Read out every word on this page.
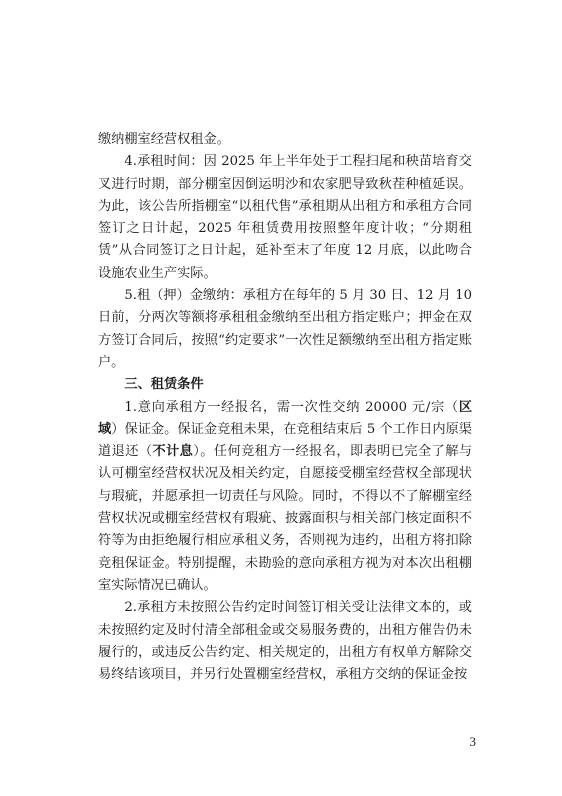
缴纳棚室经营权租金。

4.承租时间：因 2025 年上半年处于工程扫尾和秧苗培育交叉进行时期，部分棚室因倒运明沙和农家肥导致秋茬种植延误。为此，该公告所指棚室“以租代售”承租期从出租方和承租方合同签订之日计起，2025 年租赁费用按照整年度计收；“分期租赁”从合同签订之日计起，延补至末了年度 12 月底，以此吻合设施农业生产实际。

5.租（押）金缴纳：承租方在每年的 5 月 30 日、12 月 10 日前，分两次等额将承租租金缴纳至出租方指定账户；押金在双方签订合同后，按照“约定要求”一次性足额缴纳至出租方指定账户。

三、租赁条件

1.意向承租方一经报名，需一次性交纳 20000 元/宗（区域）保证金。保证金竞租未果，在竞租结束后 5 个工作日内原渠道退还（不计息）。任何竞租方一经报名，即表明已完全了解与认可棚室经营权状况及相关约定，自愿接受棚室经营权全部现状与瑕疵，并愿承担一切责任与风险。同时，不得以不了解棚室经营权状况或棚室经营权有瑕疵、披露面积与相关部门核定面积不符等为由拒绝履行相应承租义务，否则视为违约，出租方将扣除竞租保证金。特别提醒，未勘验的意向承租方视为对本次出租棚室实际情况已确认。

2.承租方未按照公告约定时间签订相关受让法律文本的，或未按照约定及时付清全部租金或交易服务费的，出租方催告仍未履行的，或违反公告约定、相关规定的，出租方有权单方解除交易终结该项目，并另行处置棚室经营权，承租方交纳的保证金按

3
